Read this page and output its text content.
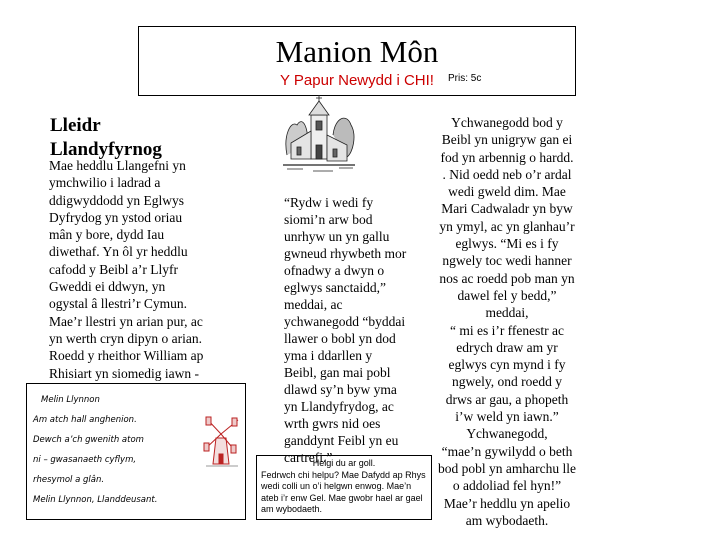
Manion Môn
Y Papur Newydd i CHI!	Pris: 5c
Lleidr
Llandyfyrnog
Mae heddlu Llangefni yn
ymchwilio i ladrad a
ddigwyddodd yn Eglwys
Dyfrydog yn ystod oriau
mân y bore, dydd Iau
diwethaf. Yn ôl yr heddlu
cafodd y Beibl a’r Llyfr
Gweddi ei ddwyn, yn
ogystal â llestri’r Cymun.
Mae’r llestri yn arian pur, ac
yn werth cryn dipyn o arian.
Roedd y rheithor William ap
Rhisiart yn siomedig iawn -
Melin Llynnon
Am atch hall anghenion.
Dewch a’ch gwenith atom
ni – gwasanaeth cyflym,
rhesymol a glân.
Melin Llynnon, Llanddeusant.
“Rydw i wedi fy
siomi’n arw bod
unrhyw un yn gallu
gwneud rhywbeth mor
ofnadwy a dwyn o
eglwys sanctaidd,”
meddai, ac
ychwanegodd “byddai
llawer o bobl yn dod
yma i ddarllen y
Beibl, gan mai pobl
dlawd sy’n byw yma
yn Llandyfrydog, ac
wrth gwrs nid oes
ganddynt Feibl yn eu
cartrefi.”
Helgi du ar goll.
Fedrwch chi helpu? Mae Dafydd ap Rhys
wedi colli un o’i helgwn enwog. Mae’n
ateb i’r enw Gel. Mae gwobr hael ar gael
am wybodaeth.
Ychwanegodd bod y
Beibl yn unigryw gan ei
fod yn arbennig o hardd.
. Nid oedd neb o’r ardal
wedi gweld dim. Mae
Mari Cadwaladr yn byw
yn ymyl, ac yn glanhau’r
eglwys. “Mi es i fy
ngwely toc wedi hanner
nos ac roedd pob man yn
dawel fel y bedd,”
meddai,
“ mi es i’r ffenestr ac
edrych draw am yr
eglwys cyn mynd i fy
ngwely, ond roedd y
drws ar gau, a phopeth
i’w weld yn iawn.”
Ychwanegodd,
“mae’n gywilydd o beth
bod pobl yn amharchu lle
o addoliad fel hyn!”
Mae’r heddlu yn apelio
am wybodaeth.
